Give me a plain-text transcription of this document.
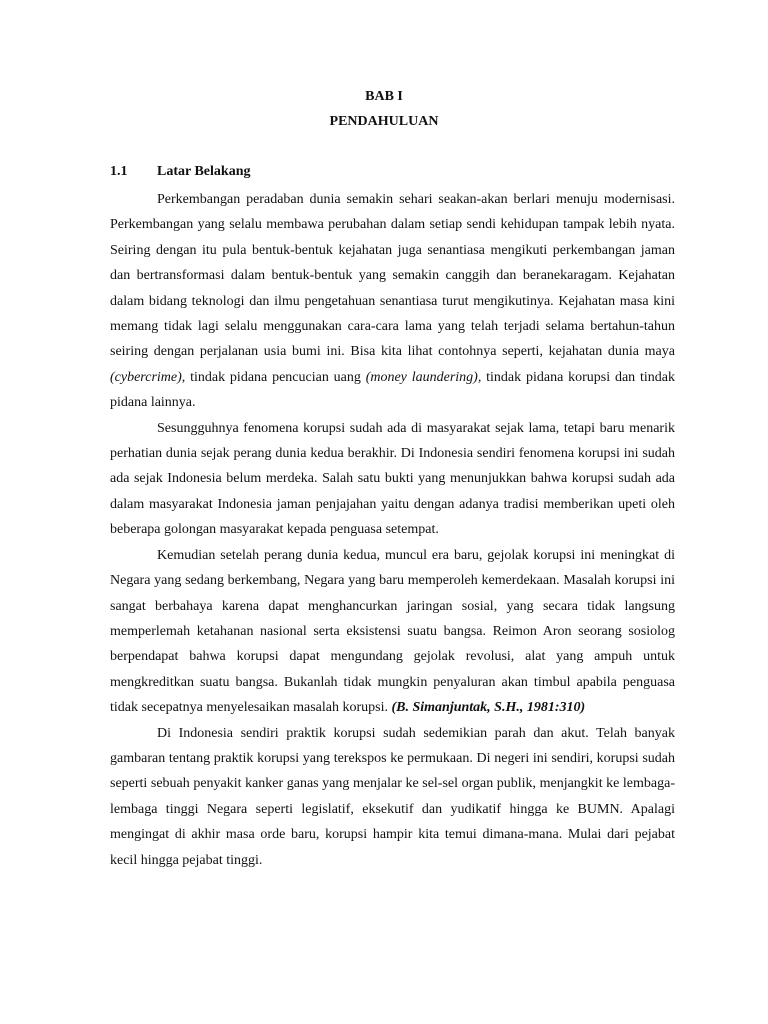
BAB I
PENDAHULUAN
1.1 Latar Belakang

Perkembangan peradaban dunia semakin sehari seakan-akan berlari menuju modernisasi. Perkembangan yang selalu membawa perubahan dalam setiap sendi kehidupan tampak lebih nyata. Seiring dengan itu pula bentuk-bentuk kejahatan juga senantiasa mengikuti perkembangan jaman dan bertransformasi dalam bentuk-bentuk yang semakin canggih dan beranekaragam. Kejahatan dalam bidang teknologi dan ilmu pengetahuan senantiasa turut mengikutinya. Kejahatan masa kini memang tidak lagi selalu menggunakan cara-cara lama yang telah terjadi selama bertahun-tahun seiring dengan perjalanan usia bumi ini. Bisa kita lihat contohnya seperti, kejahatan dunia maya (cybercrime), tindak pidana pencucian uang (money laundering), tindak pidana korupsi dan tindak pidana lainnya.

Sesungguhnya fenomena korupsi sudah ada di masyarakat sejak lama, tetapi baru menarik perhatian dunia sejak perang dunia kedua berakhir. Di Indonesia sendiri fenomena korupsi ini sudah ada sejak Indonesia belum merdeka. Salah satu bukti yang menunjukkan bahwa korupsi sudah ada dalam masyarakat Indonesia jaman penjajahan yaitu dengan adanya tradisi memberikan upeti oleh beberapa golongan masyarakat kepada penguasa setempat.

Kemudian setelah perang dunia kedua, muncul era baru, gejolak korupsi ini meningkat di Negara yang sedang berkembang, Negara yang baru memperoleh kemerdekaan. Masalah korupsi ini sangat berbahaya karena dapat menghancurkan jaringan sosial, yang secara tidak langsung memperlemah ketahanan nasional serta eksistensi suatu bangsa. Reimon Aron seorang sosiolog berpendapat bahwa korupsi dapat mengundang gejolak revolusi, alat yang ampuh untuk mengkreditkan suatu bangsa. Bukanlah tidak mungkin penyaluran akan timbul apabila penguasa tidak secepatnya menyelesaikan masalah korupsi. (B. Simanjuntak, S.H., 1981:310)

Di Indonesia sendiri praktik korupsi sudah sedemikian parah dan akut. Telah banyak gambaran tentang praktik korupsi yang terekspos ke permukaan. Di negeri ini sendiri, korupsi sudah seperti sebuah penyakit kanker ganas yang menjalar ke sel-sel organ publik, menjangkit ke lembaga-lembaga tinggi Negara seperti legislatif, eksekutif dan yudikatif hingga ke BUMN. Apalagi mengingat di akhir masa orde baru, korupsi hampir kita temui dimana-mana. Mulai dari pejabat kecil hingga pejabat tinggi.
